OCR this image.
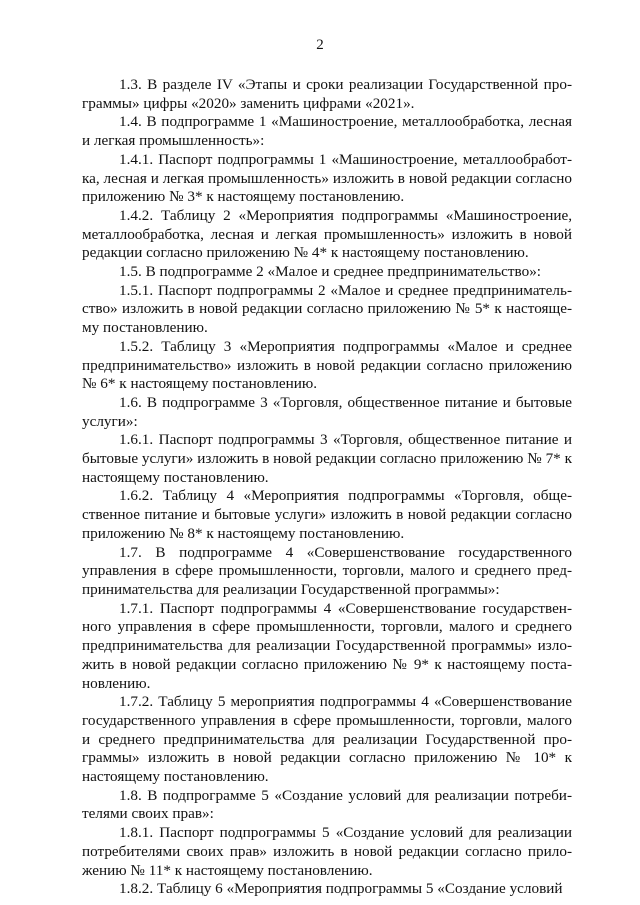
2

1.3. В разделе IV «Этапы и сроки реализации Государственной программы» цифры «2020» заменить цифрами «2021».

1.4. В подпрограмме 1 «Машиностроение, металлообработка, лесная и легкая промышленность»:

1.4.1. Паспорт подпрограммы 1 «Машиностроение, металлообработка, лесная и легкая промышленность» изложить в новой редакции согласно приложению № 3* к настоящему постановлению.

1.4.2. Таблицу 2 «Мероприятия подпрограммы «Машиностроение, металлообработка, лесная и легкая промышленность» изложить в новой редакции согласно приложению № 4* к настоящему постановлению.

1.5. В подпрограмме 2 «Малое и среднее предпринимательство»:

1.5.1. Паспорт подпрограммы 2 «Малое и среднее предпринимательство» изложить в новой редакции согласно приложению № 5* к настоящему постановлению.

1.5.2. Таблицу 3 «Мероприятия подпрограммы «Малое и среднее предпринимательство» изложить в новой редакции согласно приложению № 6* к настоящему постановлению.

1.6. В подпрограмме 3 «Торговля, общественное питание и бытовые услуги»:

1.6.1. Паспорт подпрограммы 3 «Торговля, общественное питание и бытовые услуги» изложить в новой редакции согласно приложению № 7* к настоящему постановлению.

1.6.2. Таблицу 4 «Мероприятия подпрограммы «Торговля, общественное питание и бытовые услуги» изложить в новой редакции согласно приложению № 8* к настоящему постановлению.

1.7. В подпрограмме 4 «Совершенствование государственного управления в сфере промышленности, торговли, малого и среднего предпринимательства для реализации Государственной программы»:

1.7.1. Паспорт подпрограммы 4 «Совершенствование государственного управления в сфере промышленности, торговли, малого и среднего предпринимательства для реализации Государственной программы» изложить в новой редакции согласно приложению № 9* к настоящему постановлению.

1.7.2. Таблицу 5 мероприятия подпрограммы 4 «Совершенствование государственного управления в сфере промышленности, торговли, малого и среднего предпринимательства для реализации Государственной программы» изложить в новой редакции согласно приложению № 10* к настоящему постановлению.

1.8. В подпрограмме 5 «Создание условий для реализации потребителями своих прав»:

1.8.1. Паспорт подпрограммы 5 «Создание условий для реализации потребителями своих прав» изложить в новой редакции согласно приложению № 11* к настоящему постановлению.

1.8.2. Таблицу 6 «Мероприятия подпрограммы 5 «Создание условий
